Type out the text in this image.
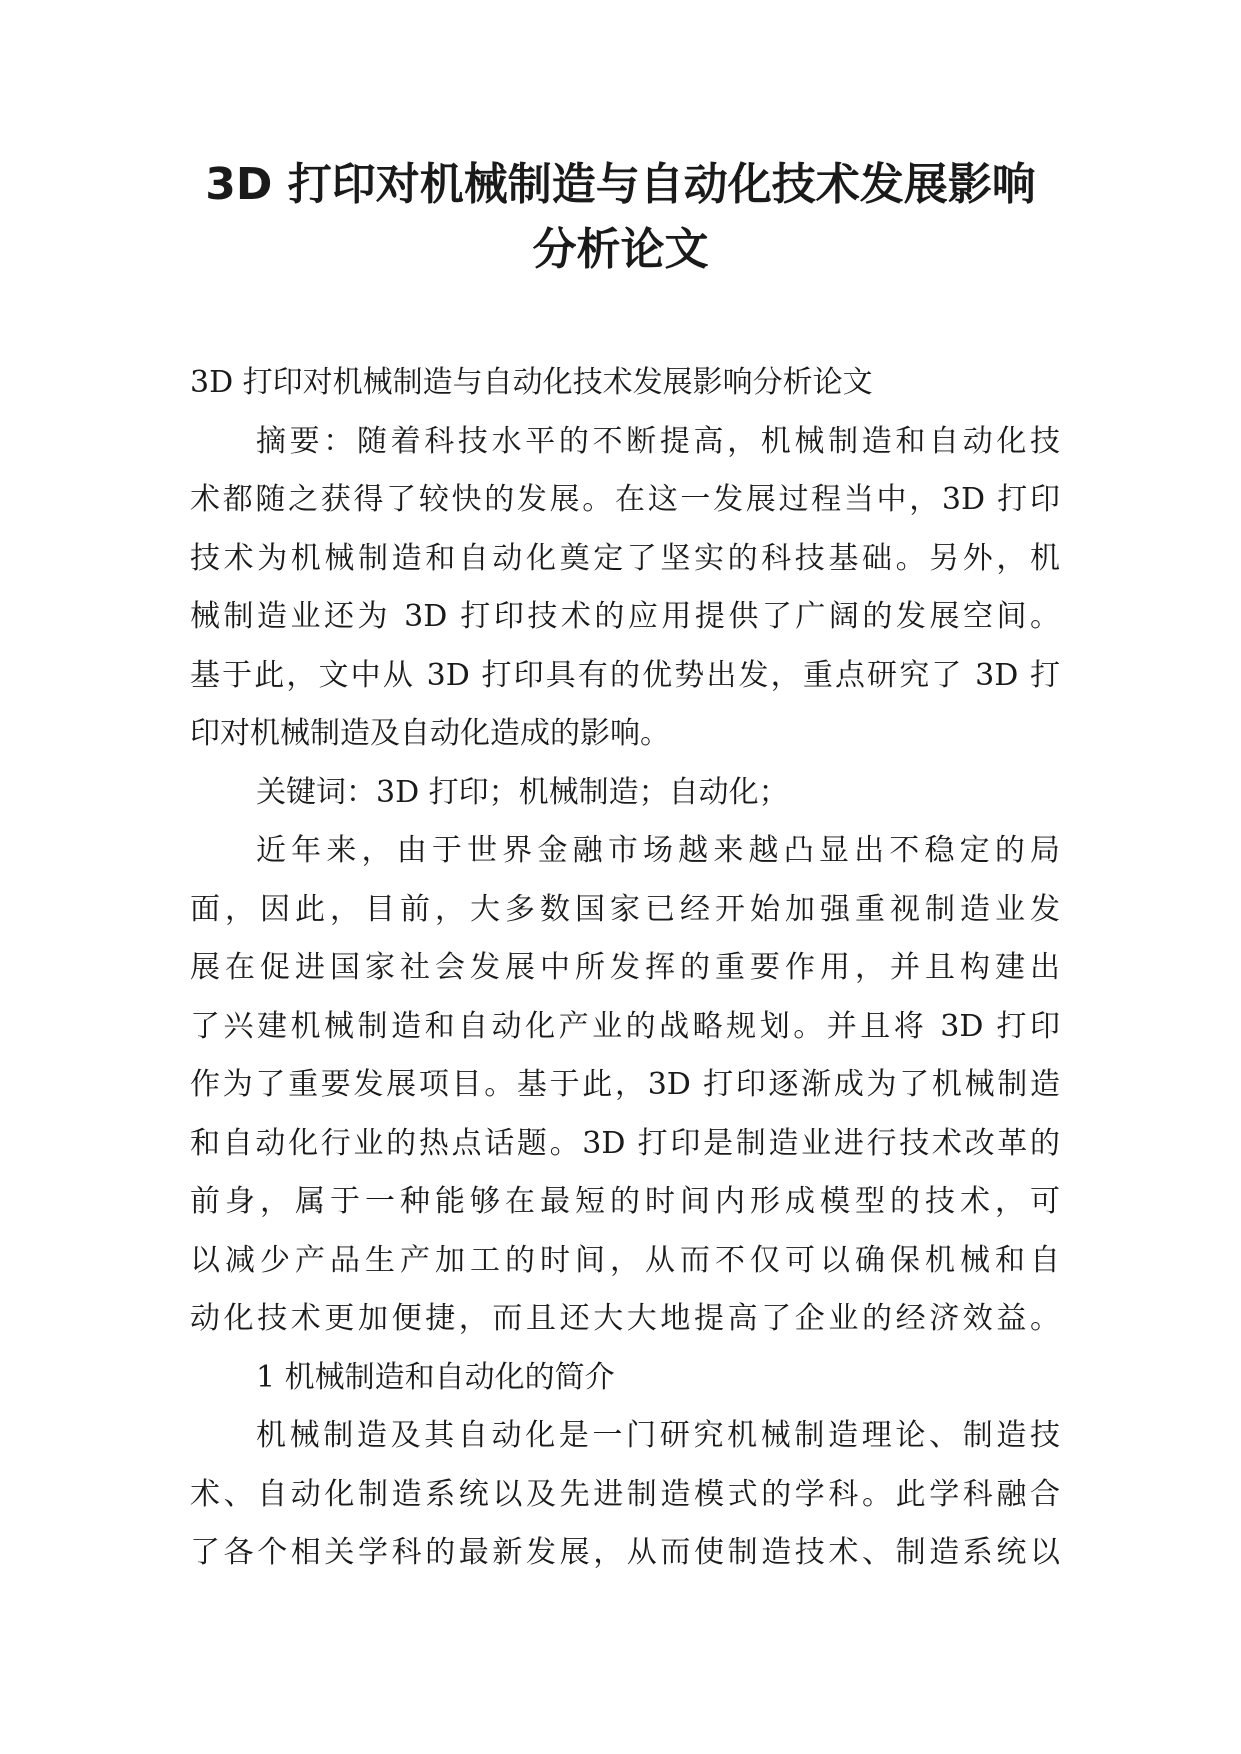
3D 打印对机械制造与自动化技术发展影响
分析论文
3D 打印对机械制造与自动化技术发展影响分析论文
摘要：随着科技水平的不断提高，机械制造和自动化技
术都随之获得了较快的发展。在这一发展过程当中，3D 打印
技术为机械制造和自动化奠定了坚实的科技基础。另外，机
械制造业还为 3D 打印技术的应用提供了广阔的发展空间。
基于此，文中从 3D 打印具有的优势出发，重点研究了 3D 打
印对机械制造及自动化造成的影响。
关键词：3D 打印；机械制造；自动化；
近年来，由于世界金融市场越来越凸显出不稳定的局
面，因此，目前，大多数国家已经开始加强重视制造业发
展在促进国家社会发展中所发挥的重要作用，并且构建出
了兴建机械制造和自动化产业的战略规划。并且将 3D 打印
作为了重要发展项目。基于此，3D 打印逐渐成为了机械制造
和自动化行业的热点话题。3D 打印是制造业进行技术改革的
前身，属于一种能够在最短的时间内形成模型的技术，可
以减少产品生产加工的时间，从而不仅可以确保机械和自
动化技术更加便捷，而且还大大地提高了企业的经济效益。
1 机械制造和自动化的简介
机械制造及其自动化是一门研究机械制造理论、制造技
术、自动化制造系统以及先进制造模式的学科。此学科融合
了各个相关学科的最新发展，从而使制造技术、制造系统以
